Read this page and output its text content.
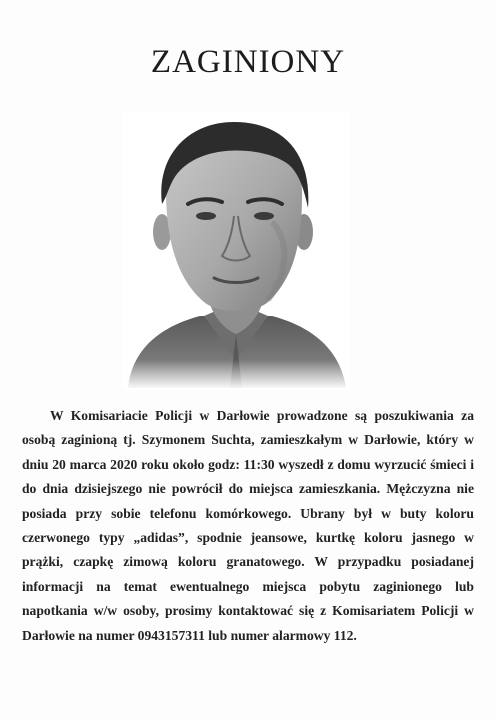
ZAGINIONY

W Komisariacie Policji w Darłowie prowadzone są poszukiwania za osobą zaginioną tj. Szymonem Suchta, zamieszkałym w Darłowie, który w dniu 20 marca 2020 roku około godz: 11:30 wyszedł z domu wyrzucić śmieci i do dnia dzisiejszego nie powrócił do miejsca zamieszkania. Mężczyzna nie posiada przy sobie telefonu komórkowego. Ubrany był w buty koloru czerwonego typy „adidas”, spodnie jeansowe, kurtkę koloru jasnego w prążki, czapkę zimową koloru granatowego. W przypadku posiadanej informacji na temat ewentualnego miejsca pobytu zaginionego lub napotkania w/w osoby, prosimy kontaktować się z Komisariatem Policji w Darłowie na numer 0943157311 lub numer alarmowy 112.
